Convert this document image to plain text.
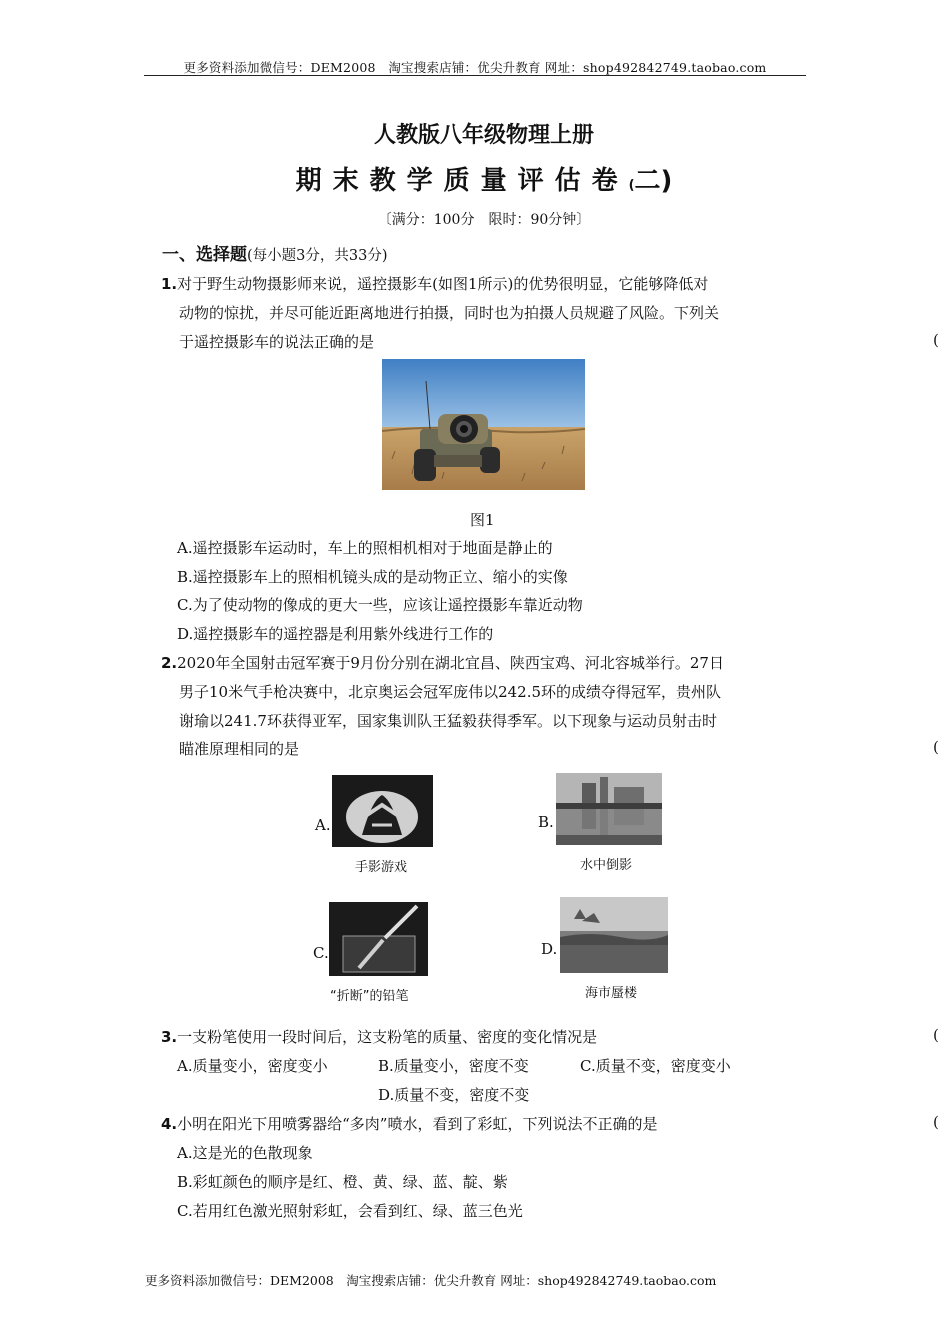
更多资料添加微信号：DEM2008　淘宝搜索店铺：优尖升教育 网址：shop492842749.taobao.com
人教版八年级物理上册
期末教学质量评估卷(二)
〔满分：100分　限时：90分钟〕
一、选择题(每小题3分，共33分)
1.对于野生动物摄影师来说，遥控摄影车(如图1所示)的优势很明显，它能够降低对
动物的惊扰，并尽可能近距离地进行拍摄，同时也为拍摄人员规避了风险。下列关
于遥控摄影车的说法正确的是	(
图1
A.遥控摄影车运动时，车上的照相机相对于地面是静止的
B.遥控摄影车上的照相机镜头成的是动物正立、缩小的实像
C.为了使动物的像成的更大一些，应该让遥控摄影车靠近动物
D.遥控摄影车的遥控器是利用紫外线进行工作的
2.2020年全国射击冠军赛于9月份分别在湖北宜昌、陕西宝鸡、河北容城举行。27日
男子10米气手枪决赛中，北京奥运会冠军庞伟以242.5环的成绩夺得冠军，贵州队
谢瑜以241.7环获得亚军，国家集训队王猛毅获得季军。以下现象与运动员射击时
瞄准原理相同的是	(
A.
手影游戏
B.
水中倒影
C.
“折断”的铅笔
D.
海市蜃楼
3.一支粉笔使用一段时间后，这支粉笔的质量、密度的变化情况是	(
A.质量变小，密度变小	B.质量变小，密度不变	C.质量不变，密度变小
D.质量不变，密度不变
4.小明在阳光下用喷雾器给“多肉”喷水，看到了彩虹，下列说法不正确的是	(
A.这是光的色散现象
B.彩虹颜色的顺序是红、橙、黄、绿、蓝、靛、紫
C.若用红色激光照射彩虹，会看到红、绿、蓝三色光
更多资料添加微信号：DEM2008　淘宝搜索店铺：优尖升教育 网址：shop492842749.taobao.com
